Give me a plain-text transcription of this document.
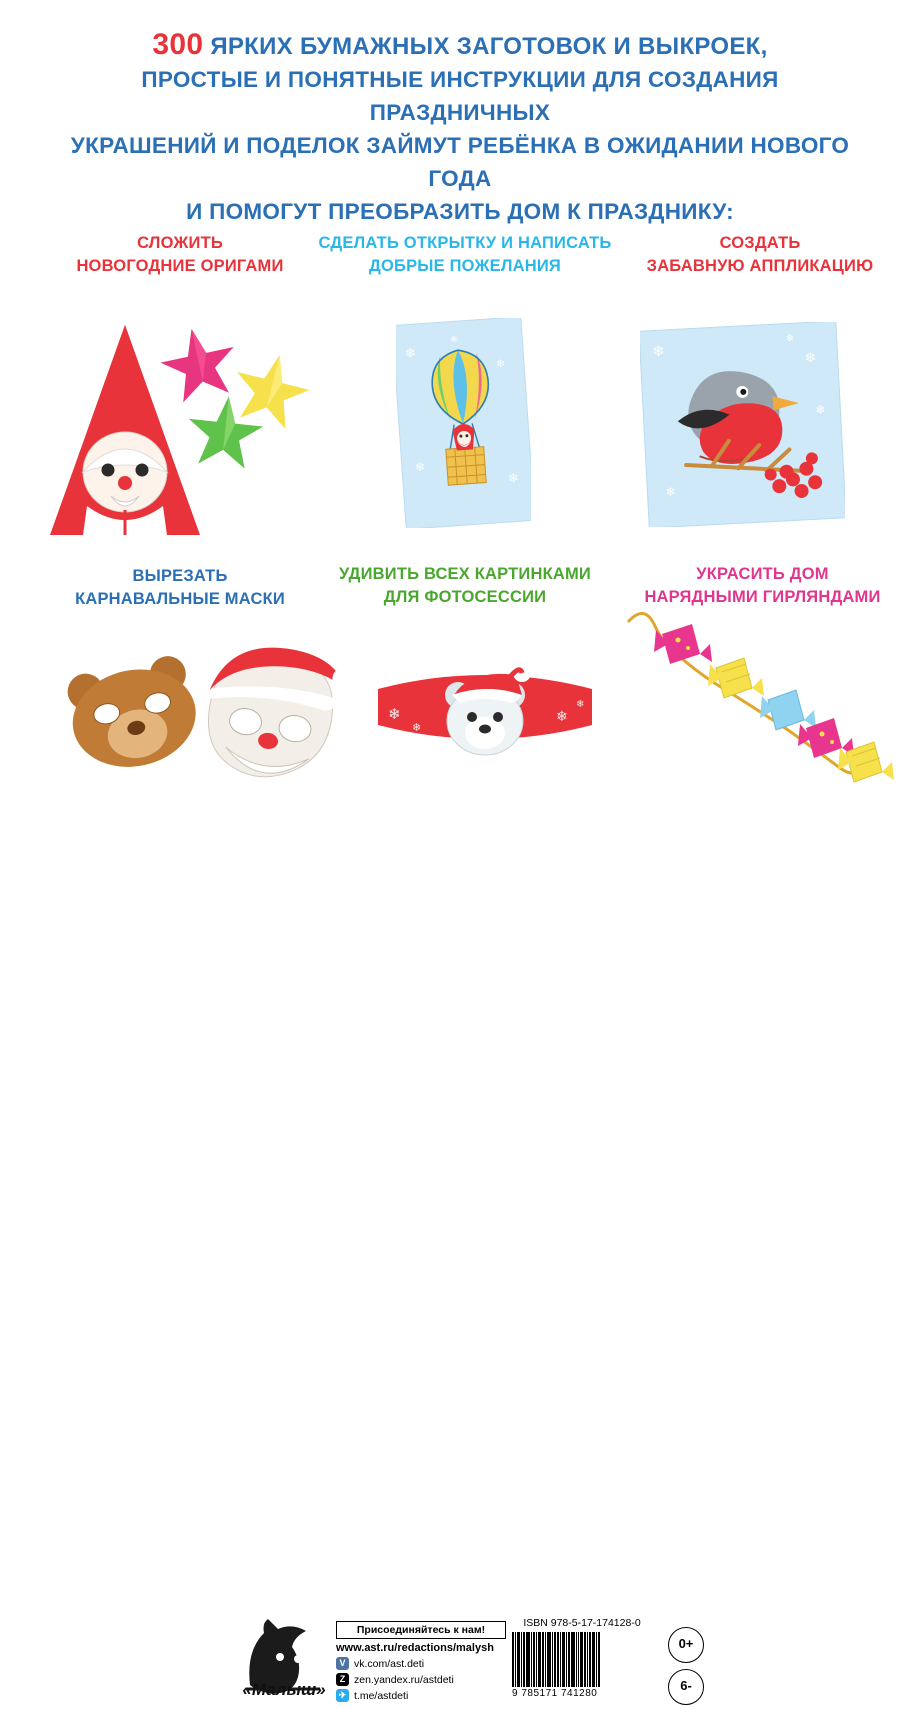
300 ЯРКИХ БУМАЖНЫХ ЗАГОТОВОК И ВЫКРОЕК,
ПРОСТЫЕ И ПОНЯТНЫЕ ИНСТРУКЦИИ ДЛЯ СОЗДАНИЯ ПРАЗДНИЧНЫХ
УКРАШЕНИЙ И ПОДЕЛОК ЗАЙМУТ РЕБЁНКА В ОЖИДАНИИ НОВОГО ГОДА
И ПОМОГУТ ПРЕОБРАЗИТЬ ДОМ К ПРАЗДНИКУ:
СЛОЖИТЬ
НОВОГОДНИЕ ОРИГАМИ
СДЕЛАТЬ ОТКРЫТКУ И НАПИСАТЬ
ДОБРЫЕ ПОЖЕЛАНИЯ
СОЗДАТЬ
ЗАБАВНУЮ АППЛИКАЦИЮ
ВЫРЕЗАТЬ
КАРНАВАЛЬНЫЕ МАСКИ
УДИВИТЬ ВСЕХ КАРТИНКАМИ
ДЛЯ ФОТОСЕССИИ
УКРАСИТЬ ДОМ
НАРЯДНЫМИ ГИРЛЯНДАМИ
❄
❄
❄
❄
❄
❄	❄
❄
❄
❄
❄
❄
❄
❄
«Малыш»
Присоединяйтесь к нам!
www.ast.ru/redactions/malysh
V vk.com/ast.deti
Z zen.yandex.ru/astdeti
✈ t.me/astdeti
ISBN 978-5-17-174128-0
9 785171 741280
0+
6-
